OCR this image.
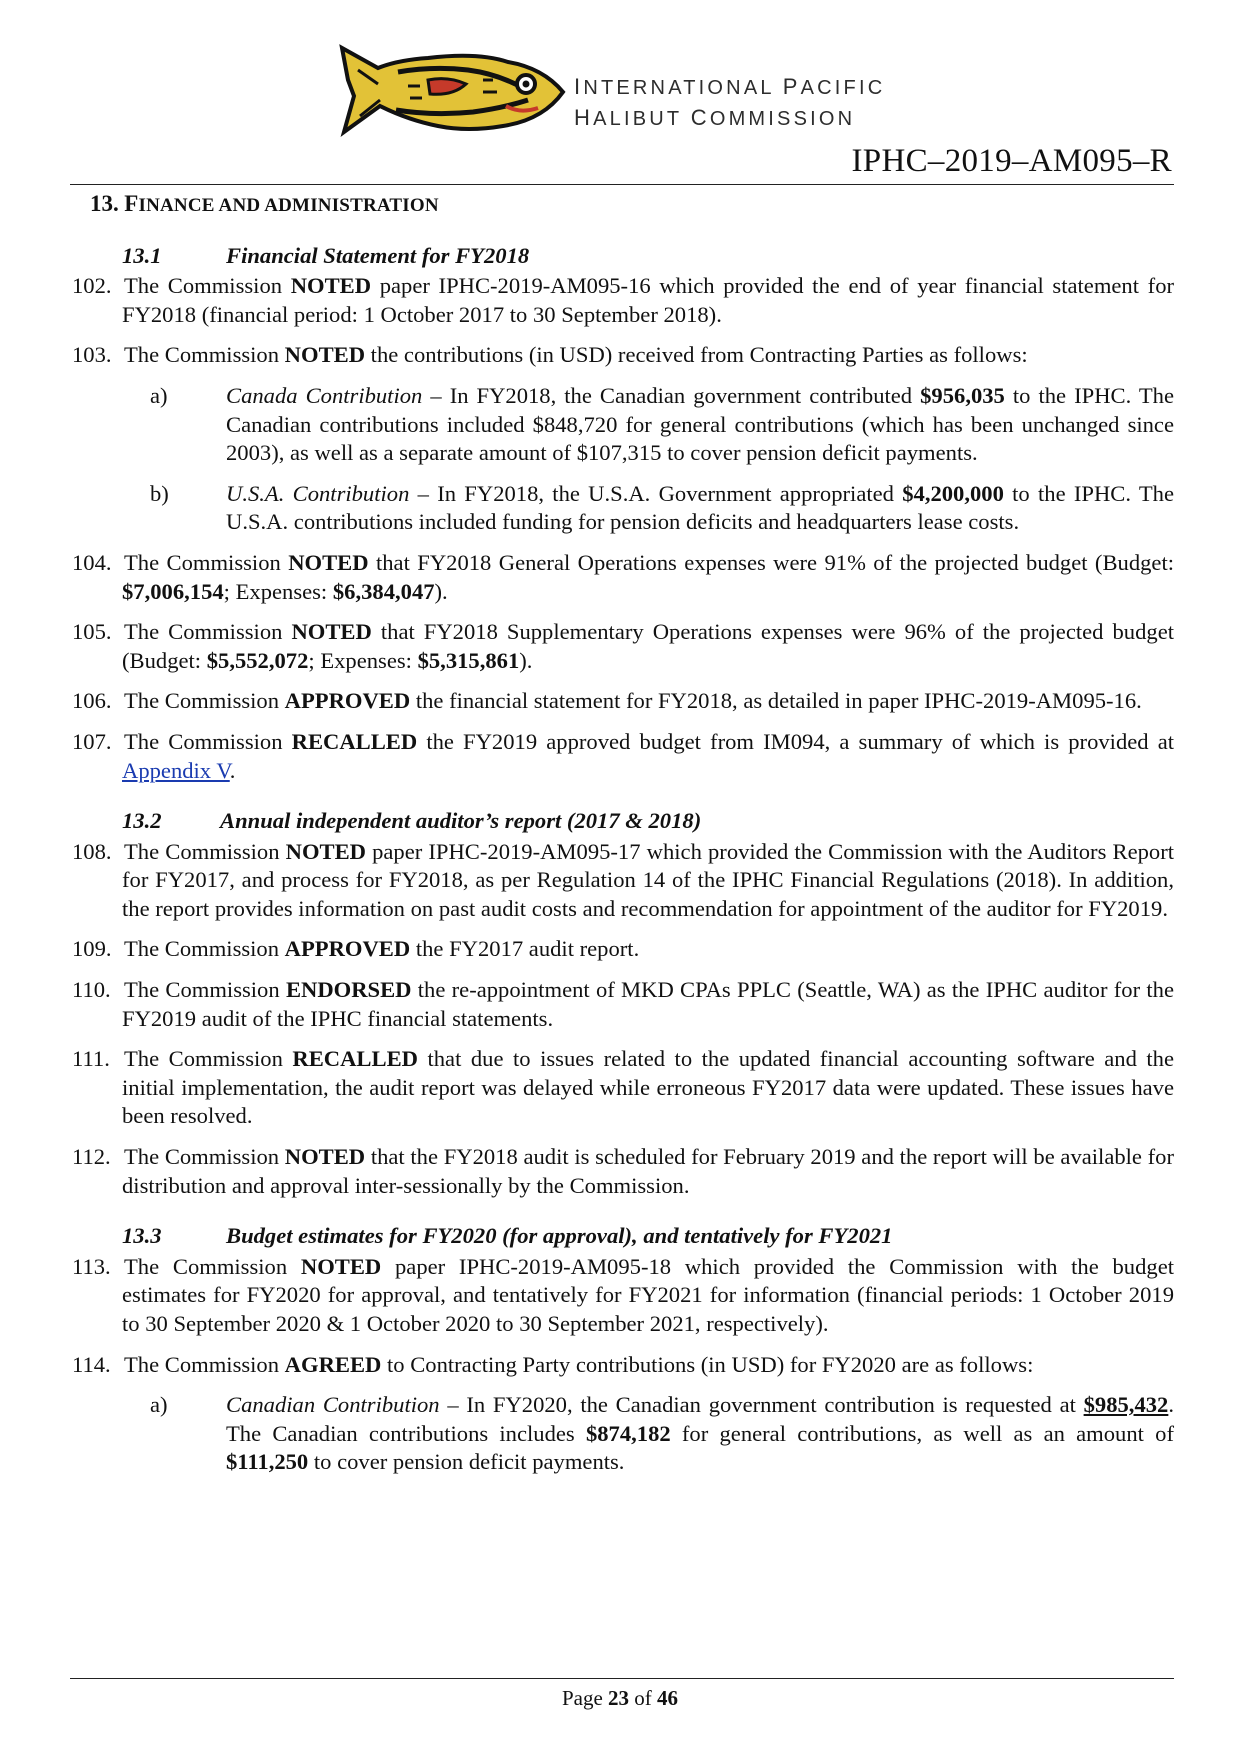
INTERNATIONAL PACIFIC
HALIBUT COMMISSION
IPHC–2019–AM095–R
13. FINANCE AND ADMINISTRATION
13.1	Financial Statement for FY2018

102. The Commission NOTED paper IPHC-2019-AM095-16 which provided the end of year financial statement for FY2018 (financial period: 1 October 2017 to 30 September 2018).

103. The Commission NOTED the contributions (in USD) received from Contracting Parties as follows:

a)	Canada Contribution – In FY2018, the Canadian government contributed $956,035 to the IPHC. The Canadian contributions included $848,720 for general contributions (which has been unchanged since 2003), as well as a separate amount of $107,315 to cover pension deficit payments.
b)	U.S.A. Contribution – In FY2018, the U.S.A. Government appropriated $4,200,000 to the IPHC. The U.S.A. contributions included funding for pension deficits and headquarters lease costs.

104. The Commission NOTED that FY2018 General Operations expenses were 91% of the projected budget (Budget: $7,006,154; Expenses: $6,384,047).

105. The Commission NOTED that FY2018 Supplementary Operations expenses were 96% of the projected budget (Budget: $5,552,072; Expenses: $5,315,861).

106. The Commission APPROVED the financial statement for FY2018, as detailed in paper IPHC-2019-AM095-16.

107. The Commission RECALLED the FY2019 approved budget from IM094, a summary of which is provided at Appendix V.

13.2	Annual independent auditor’s report (2017 & 2018)

108. The Commission NOTED paper IPHC-2019-AM095-17 which provided the Commission with the Auditors Report for FY2017, and process for FY2018, as per Regulation 14 of the IPHC Financial Regulations (2018). In addition, the report provides information on past audit costs and recommendation for appointment of the auditor for FY2019.

109. The Commission APPROVED the FY2017 audit report.

110. The Commission ENDORSED the re-appointment of MKD CPAs PPLC (Seattle, WA) as the IPHC auditor for the FY2019 audit of the IPHC financial statements.

111. The Commission RECALLED that due to issues related to the updated financial accounting software and the initial implementation, the audit report was delayed while erroneous FY2017 data were updated. These issues have been resolved.

112. The Commission NOTED that the FY2018 audit is scheduled for February 2019 and the report will be available for distribution and approval inter-sessionally by the Commission.

13.3	Budget estimates for FY2020 (for approval), and tentatively for FY2021

113. The Commission NOTED paper IPHC-2019-AM095-18 which provided the Commission with the budget estimates for FY2020 for approval, and tentatively for FY2021 for information (financial periods: 1 October 2019 to 30 September 2020 & 1 October 2020 to 30 September 2021, respectively).

114. The Commission AGREED to Contracting Party contributions (in USD) for FY2020 are as follows:

a)	Canadian Contribution – In FY2020, the Canadian government contribution is requested at $985,432. The Canadian contributions includes $874,182 for general contributions, as well as an amount of $111,250 to cover pension deficit payments.
Page 23 of 46
